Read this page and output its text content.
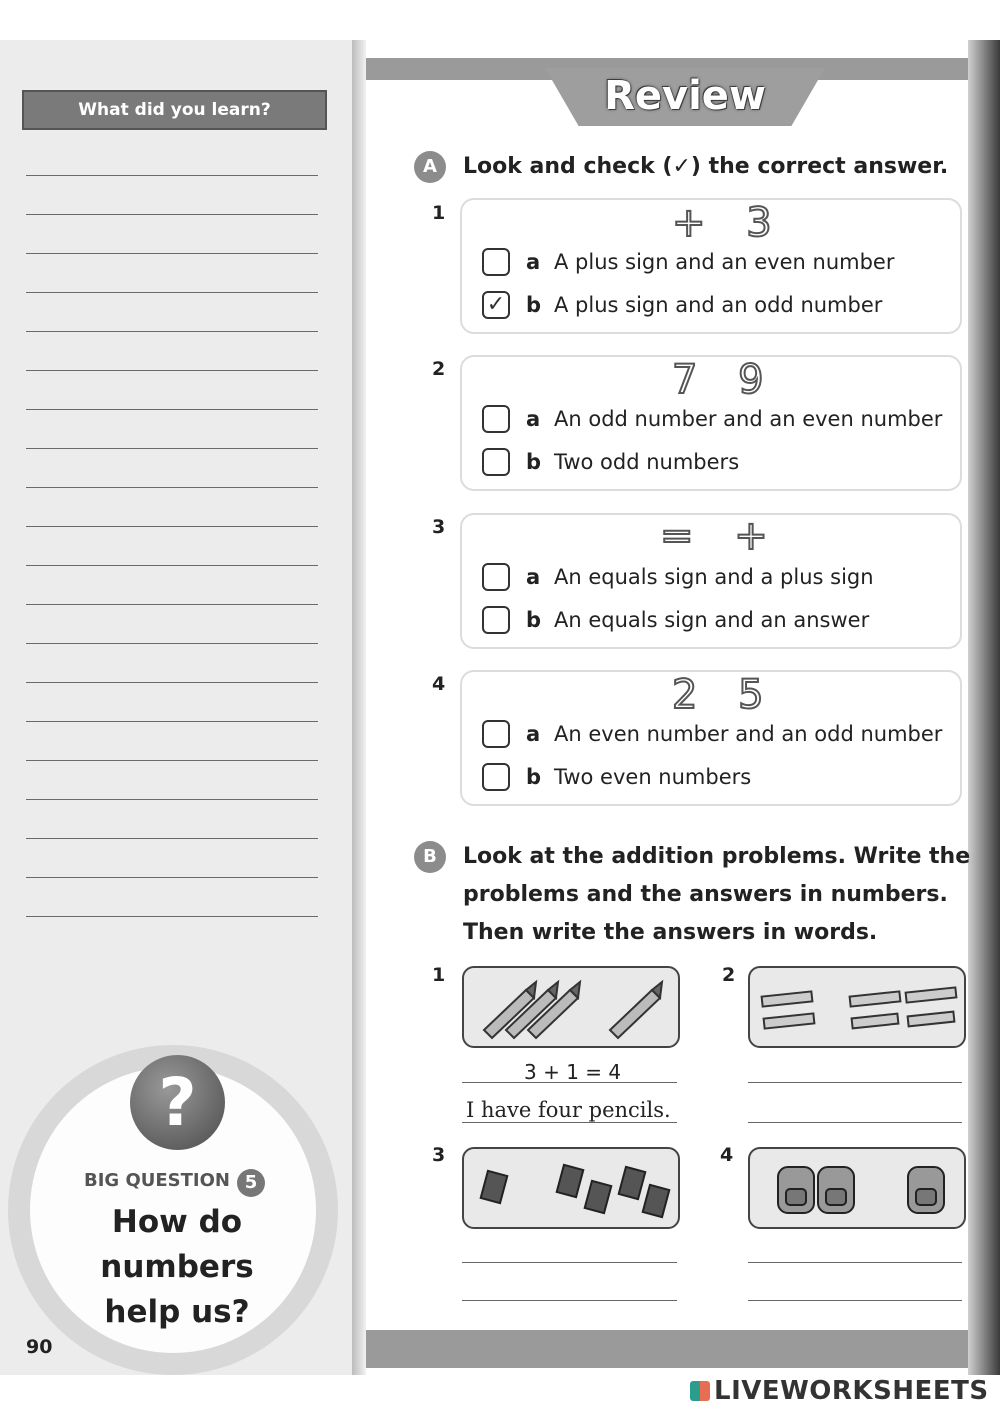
What did you learn?
?
BIG QUESTION 5
How do numbers help us?
90
Review
A	Look and check (✓) the correct answer.
1	+ 3
a A plus sign and an even number
✓ b A plus sign and an odd number
2	7 9
a An odd number and an even number
b Two odd numbers
3	= +
a An equals sign and a plus sign
b An equals sign and an answer
4	2 5
a An even number and an odd number
b Two even numbers
B	Look at the addition problems. Write the
problems and the answers in numbers.
Then write the answers in words.
1
3 + 1 = 4
I have four pencils.
2
3	4
LIVEWORKSHEETS
